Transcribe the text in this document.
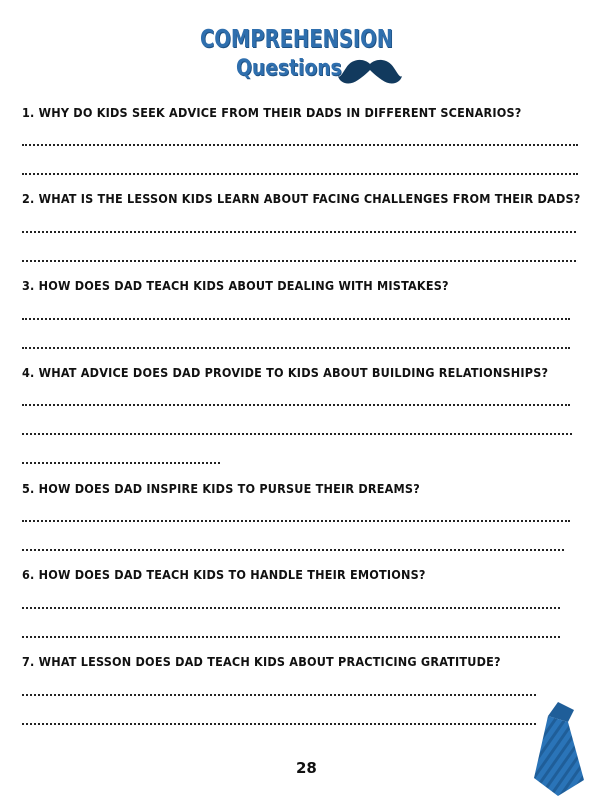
COMPREHENSION
Questions
1. WHY DO KIDS SEEK ADVICE FROM THEIR DADS IN DIFFERENT SCENARIOS?
2. WHAT IS THE LESSON KIDS LEARN ABOUT FACING CHALLENGES FROM THEIR DADS?
3. HOW DOES DAD TEACH KIDS ABOUT DEALING WITH MISTAKES?
4. WHAT ADVICE DOES DAD PROVIDE TO KIDS ABOUT BUILDING RELATIONSHIPS?
5. HOW DOES DAD INSPIRE KIDS TO PURSUE THEIR DREAMS?
6. HOW DOES DAD TEACH KIDS TO HANDLE THEIR EMOTIONS?
7. WHAT LESSON DOES DAD TEACH KIDS ABOUT PRACTICING GRATITUDE?
28
